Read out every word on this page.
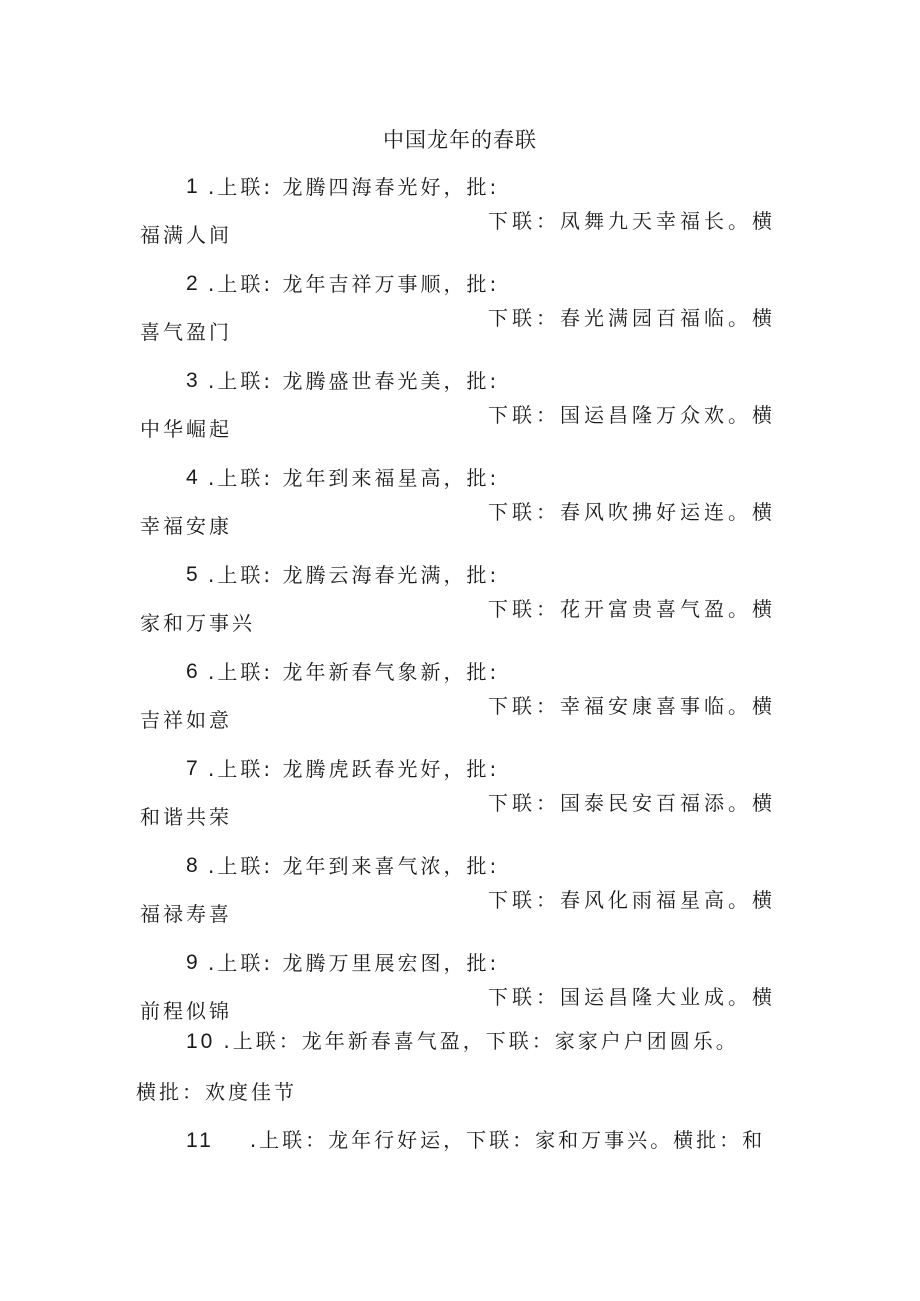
中国龙年的春联
1 .上联: 龙腾四海春光好，批:
下联：凤舞九天幸福长。横
福满人间
2 .上联: 龙年吉祥万事顺，批:
下联：春光满园百福临。横
喜气盈门
3 .上联: 龙腾盛世春光美，批:
下联：国运昌隆万众欢。横
中华崛起
4 .上联: 龙年到来福星高，批:
下联：春风吹拂好运连。横
幸福安康
5 .上联: 龙腾云海春光满，批:
下联：花开富贵喜气盈。横
家和万事兴
6 .上联: 龙年新春气象新，批:
下联：幸福安康喜事临。横
吉祥如意
7 .上联: 龙腾虎跃春光好，批:
下联：国泰民安百福添。横
和谐共荣
8 .上联: 龙年到来喜气浓，批:
下联：春风化雨福星高。横
福禄寿喜
9 .上联: 龙腾万里展宏图，批:
下联：国运昌隆大业成。横
前程似锦
10 .上联：龙年新春喜气盈，下联：家家户户团圆乐。
横批：欢度佳节
11 .上联：龙年行好运，下联：家和万事兴。横批：和
